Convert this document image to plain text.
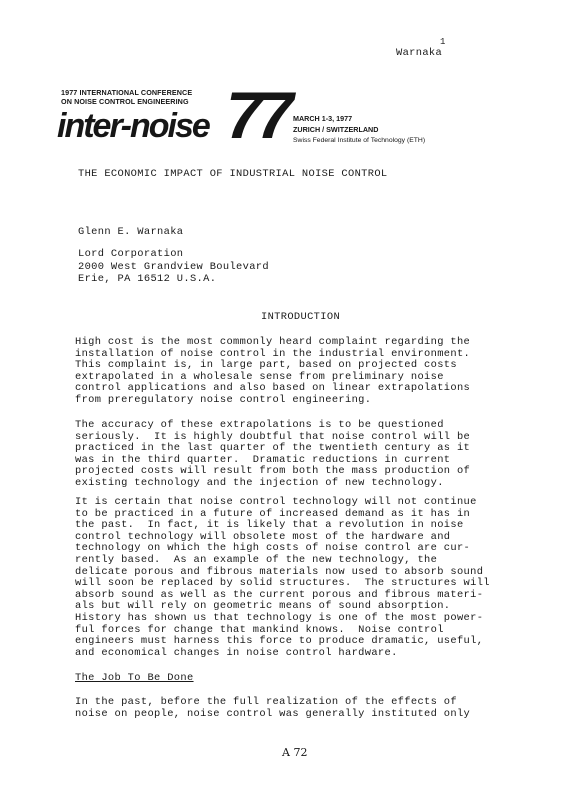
1
Warnaka
1977 INTERNATIONAL CONFERENCE
ON NOISE CONTROL ENGINEERING
inter-noise 77 MARCH 1-3, 1977
ZURICH / SWITZERLAND
Swiss Federal Institute of Technology (ETH)
THE ECONOMIC IMPACT OF INDUSTRIAL NOISE CONTROL
Glenn E. Warnaka
Lord Corporation
2000 West Grandview Boulevard
Erie, PA 16512 U.S.A.
INTRODUCTION
High cost is the most commonly heard complaint regarding the
installation of noise control in the industrial environment.
This complaint is, in large part, based on projected costs
extrapolated in a wholesale sense from preliminary noise
control applications and also based on linear extrapolations
from preregulatory noise control engineering.
The accuracy of these extrapolations is to be questioned
seriously.  It is highly doubtful that noise control will be
practiced in the last quarter of the twentieth century as it
was in the third quarter.  Dramatic reductions in current
projected costs will result from both the mass production of
existing technology and the injection of new technology.
It is certain that noise control technology will not continue
to be practiced in a future of increased demand as it has in
the past.  In fact, it is likely that a revolution in noise
control technology will obsolete most of the hardware and
technology on which the high costs of noise control are cur-
rently based.  As an example of the new technology, the
delicate porous and fibrous materials now used to absorb sound
will soon be replaced by solid structures.  The structures will
absorb sound as well as the current porous and fibrous materi-
als but will rely on geometric means of sound absorption.
History has shown us that technology is one of the most power-
ful forces for change that mankind knows.  Noise control
engineers must harness this force to produce dramatic, useful,
and economical changes in noise control hardware.
The Job To Be Done
In the past, before the full realization of the effects of
noise on people, noise control was generally instituted only
A 72
